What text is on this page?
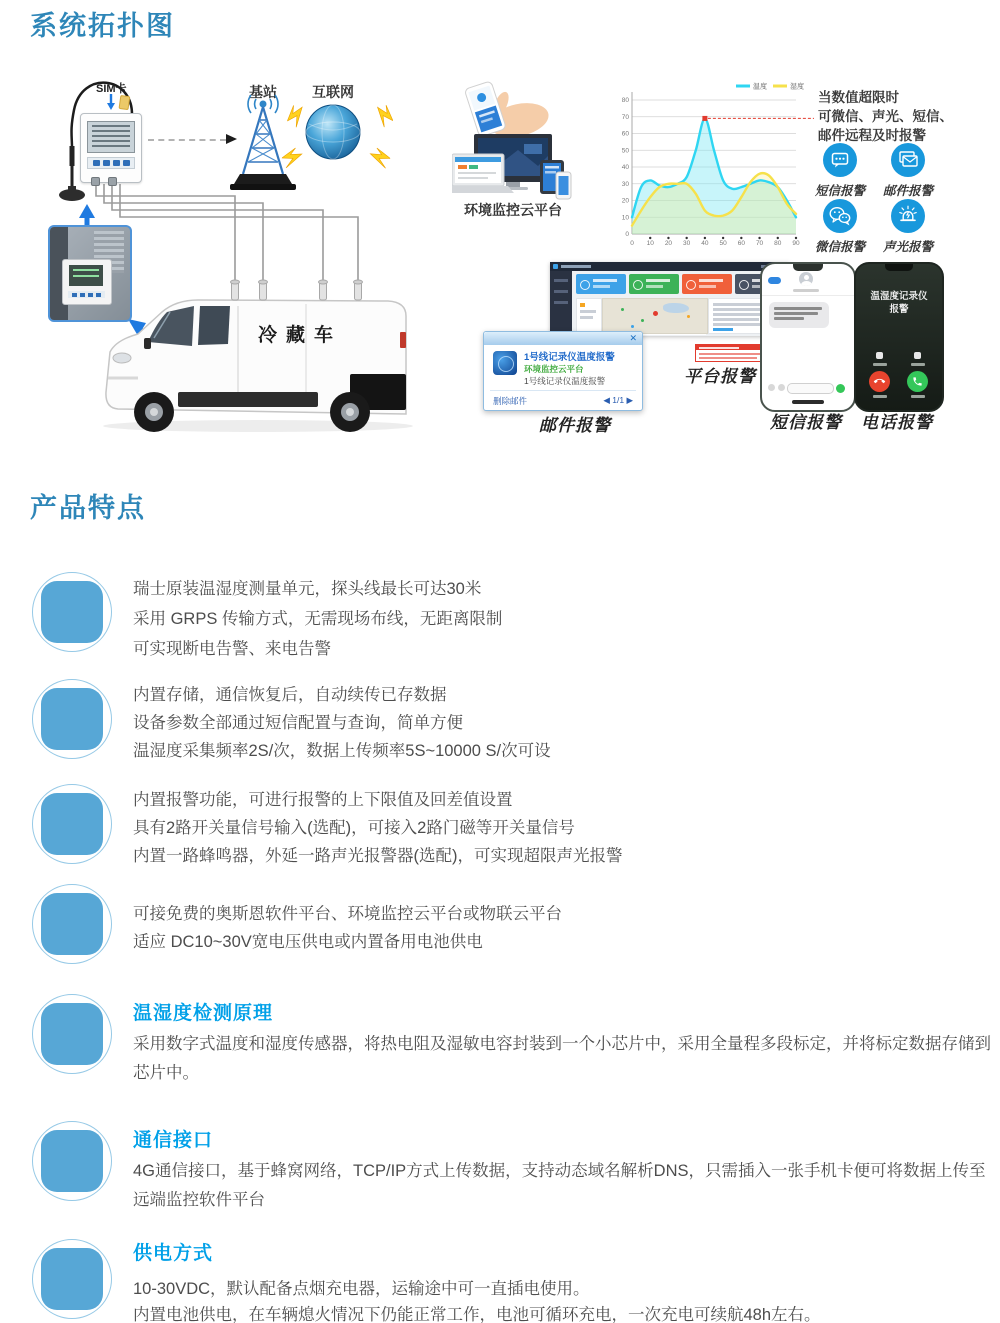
系统拓扑图
SIM卡	基站	互联网
环境监控云平台
0
10
20
30
40
50
60
70
80
0 10 20 30 40 50 60 70 80 90
温度	湿度
当数值超限时
可微信、声光、短信、
邮件远程及时报警
短信报警	邮件报警
微信报警	声光报警
冷藏车
平台报警
✕
1号线记录仪温度报警
环境监控云平台
1号线记录仪温度报警
删除邮件	◀ 1/1 ▶
邮件报警	短信报警
温湿度记录仪
报警
电话报警
产品特点
瑞士原装温湿度测量单元，探头线最长可达30米
采用 GRPS 传输方式，无需现场布线，无距离限制
可实现断电告警、来电告警
内置存储，通信恢复后，自动续传已存数据
设备参数全部通过短信配置与查询，简单方便
温湿度采集频率2S/次，数据上传频率5S~10000 S/次可设
内置报警功能，可进行报警的上下限值及回差值设置
具有2路开关量信号输入(选配)，可接入2路门磁等开关量信号
内置一路蜂鸣器，外延一路声光报警器(选配)，可实现超限声光报警
可接免费的奥斯恩软件平台、环境监控云平台或物联云平台
适应 DC10~30V宽电压供电或内置备用电池供电
温湿度检测原理
采用数字式温度和湿度传感器，将热电阻及湿敏电容封装到一个小芯片中，采用全量程多段标定，并将标定数据存储到芯片中。
通信接口
4G通信接口，基于蜂窝网络，TCP/IP方式上传数据，支持动态域名解析DNS，只需插入一张手机卡便可将数据上传至远端监控软件平台
供电方式
10-30VDC，默认配备点烟充电器，运输途中可一直插电使用。
内置电池供电，在车辆熄火情况下仍能正常工作，电池可循环充电，一次充电可续航48h左右。
